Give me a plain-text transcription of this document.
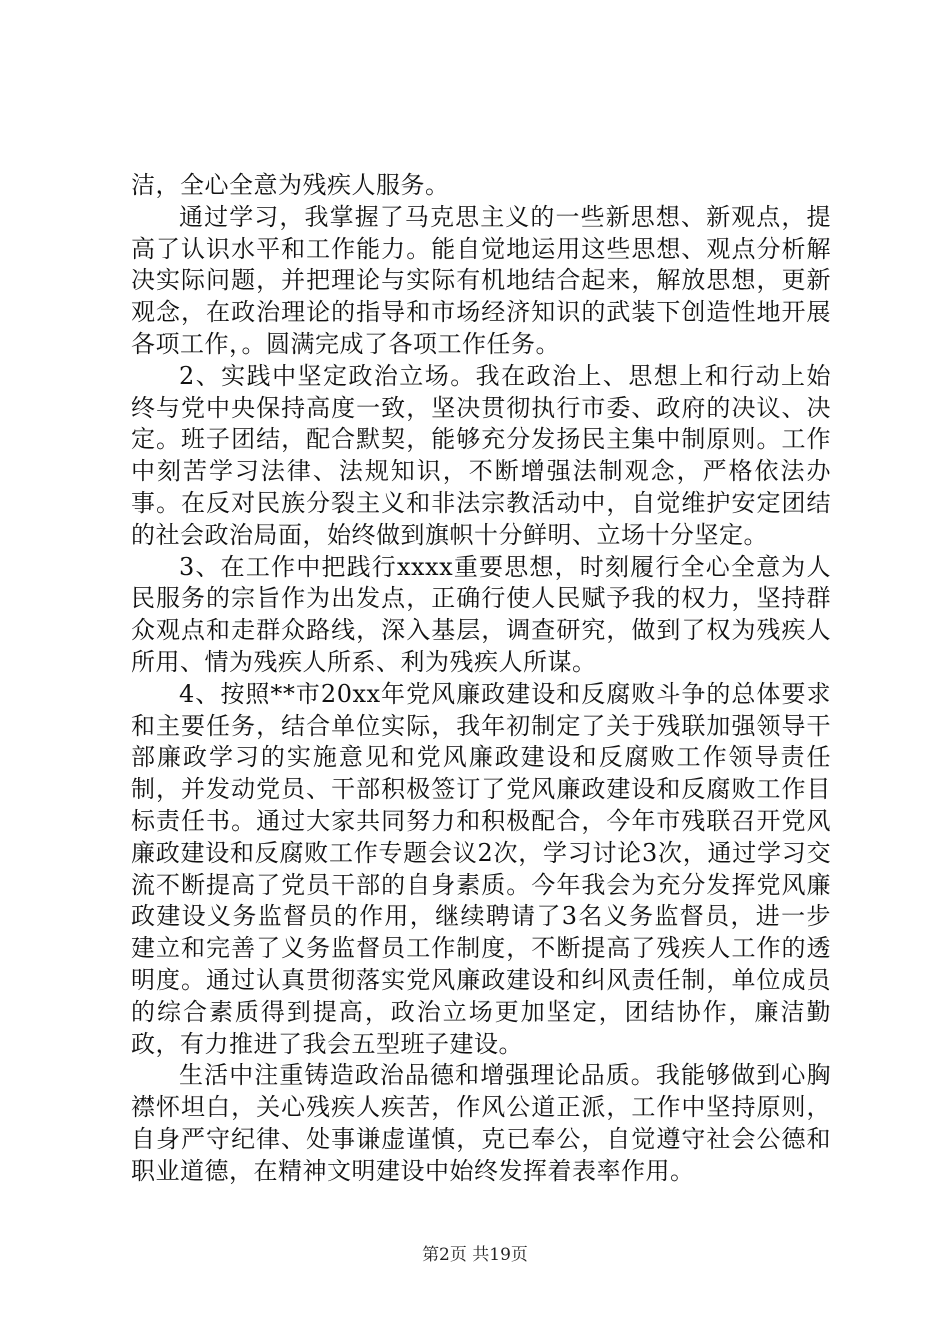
洁，全心全意为残疾人服务。

通过学习，我掌握了马克思主义的一些新思想、新观点，提高了认识水平和工作能力。能自觉地运用这些思想、观点分析解决实际问题，并把理论与实际有机地结合起来，解放思想，更新观念，在政治理论的指导和市场经济知识的武装下创造性地开展各项工作，。圆满完成了各项工作任务。

2、实践中坚定政治立场。我在政治上、思想上和行动上始终与党中央保持高度一致，坚决贯彻执行市委、政府的决议、决定。班子团结，配合默契，能够充分发扬民主集中制原则。工作中刻苦学习法律、法规知识，不断增强法制观念，严格依法办事。在反对民族分裂主义和非法宗教活动中，自觉维护安定团结的社会政治局面，始终做到旗帜十分鲜明、立场十分坚定。

3、在工作中把践行xxxx重要思想，时刻履行全心全意为人民服务的宗旨作为出发点，正确行使人民赋予我的权力，坚持群众观点和走群众路线，深入基层，调查研究，做到了权为残疾人所用、情为残疾人所系、利为残疾人所谋。

4、按照**市20xx年党风廉政建设和反腐败斗争的总体要求和主要任务，结合单位实际，我年初制定了关于残联加强领导干部廉政学习的实施意见和党风廉政建设和反腐败工作领导责任制，并发动党员、干部积极签订了党风廉政建设和反腐败工作目标责任书。通过大家共同努力和积极配合，今年市残联召开党风廉政建设和反腐败工作专题会议2次，学习讨论3次，通过学习交流不断提高了党员干部的自身素质。今年我会为充分发挥党风廉政建设义务监督员的作用，继续聘请了3名义务监督员，进一步建立和完善了义务监督员工作制度，不断提高了残疾人工作的透明度。通过认真贯彻落实党风廉政建设和纠风责任制，单位成员的综合素质得到提高，政治立场更加坚定，团结协作，廉洁勤政，有力推进了我会五型班子建设。

生活中注重铸造政治品德和增强理论品质。我能够做到心胸襟怀坦白，关心残疾人疾苦，作风公道正派，工作中坚持原则，自身严守纪律、处事谦虚谨慎，克已奉公，自觉遵守社会公德和职业道德，在精神文明建设中始终发挥着表率作用。

第2页 共19页
